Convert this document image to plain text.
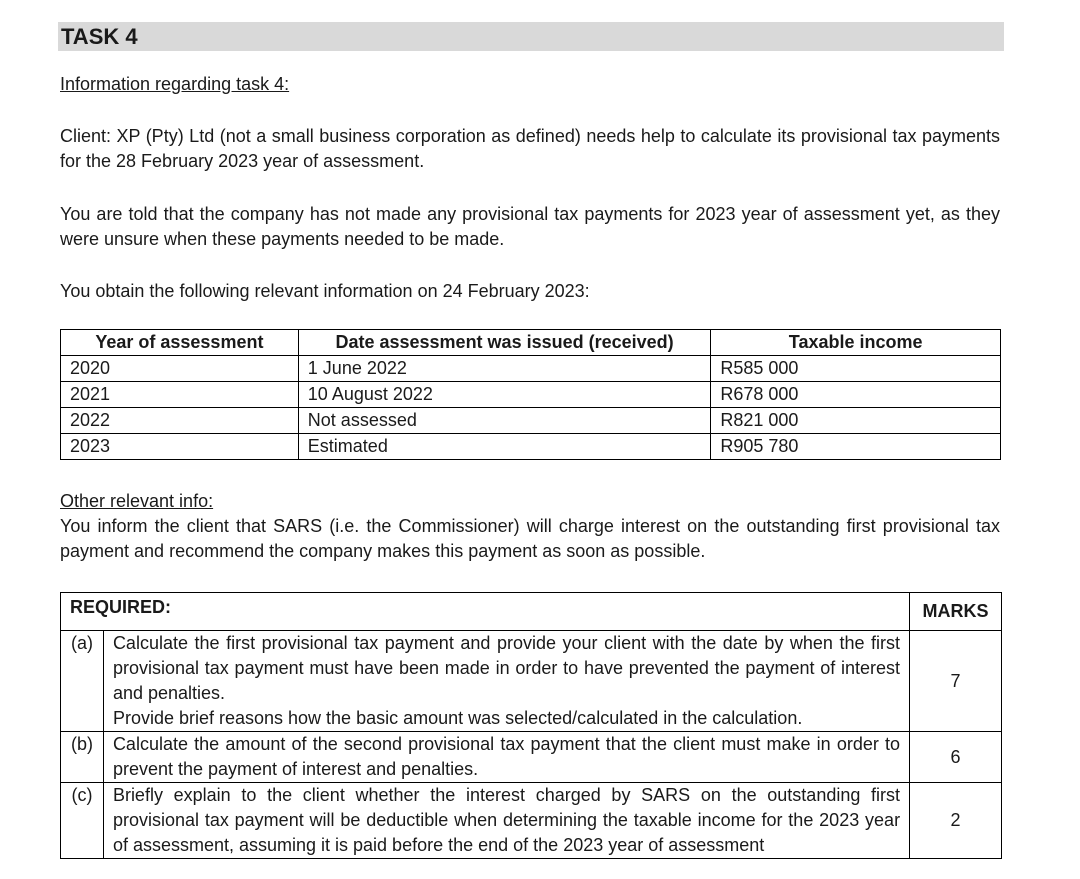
TASK 4

Information regarding task 4:

Client: XP (Pty) Ltd (not a small business corporation as defined) needs help to calculate its provisional tax payments for the 28 February 2023 year of assessment.

You are told that the company has not made any provisional tax payments for 2023 year of assessment yet, as they were unsure when these payments needed to be made.

You obtain the following relevant information on 24 February 2023:

Year of assessment	Date assessment was issued (received)	Taxable income
2020	1 June 2022	R585 000
2021	10 August 2022	R678 000
2022	Not assessed	R821 000
2023	Estimated	R905 780

Other relevant info:

You inform the client that SARS (i.e. the Commissioner) will charge interest on the outstanding first provisional tax payment and recommend the company makes this payment as soon as possible.

REQUIRED:		MARKS
(a)	Calculate the first provisional tax payment and provide your client with the date by when the first provisional tax payment must have been made in order to have prevented the payment of interest and penalties.
Provide brief reasons how the basic amount was selected/calculated in the calculation.	7
(b)	Calculate the amount of the second provisional tax payment that the client must make in order to prevent the payment of interest and penalties.	6
(c)	Briefly explain to the client whether the interest charged by SARS on the outstanding first provisional tax payment will be deductible when determining the taxable income for the 2023 year of assessment, assuming it is paid before the end of the 2023 year of assessment	2
